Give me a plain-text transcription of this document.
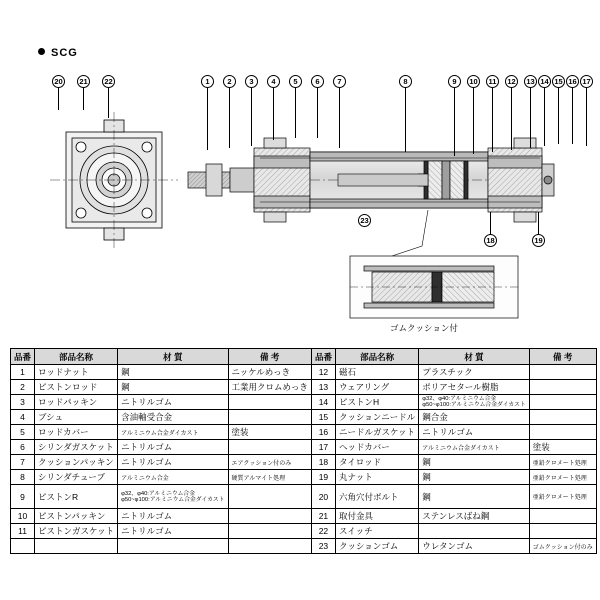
SCG
20	21	22	1	2	3	4	5	6	7	8	9	10	11	12	13 14 15 16 17
18	19
23
ゴムクッション付
品番	部品名称	材 質	備 考	品番	部品名称	材 質	備 考
1	ロッドナット	鋼	ニッケルめっき	12	磁石	プラスチック	
2	ピストンロッド	鋼	工業用クロムめっき	13	ウェアリング	ポリアセタール樹脂	
3	ロッドパッキン	ニトリルゴム		14	ピストンH	φ32、φ40:アルミニウム合金
φ50~φ100:アルミニウム合金ダイカスト	

4	ブシュ	含油軸受合金		15	クッションニードル	鋼合金	
5	ロッドカバー	アルミニウム合金ダイカスト	塗装	16	ニードルガスケット	ニトリルゴム	
6	シリンダガスケット	ニトリルゴム		17	ヘッドカバー	アルミニウム合金ダイカスト	塗装
7	クッションパッキン	ニトリルゴム	エアクッション付のみ	18	タイロッド	鋼	亜鉛クロメート処理
8	シリンダチューブ	アルミニウム合金	硬質アルマイト処理	19	丸ナット	鋼	亜鉛クロメート処理
9	ピストンR	φ32、φ40:アルミニウム合金
φ50~φ100:アルミニウム合金ダイカスト		20	六角穴付ボルト	鋼	亜鉛クロメート処理
10	ピストンパッキン	ニトリルゴム		21	取付金具	ステンレスばね鋼	
11	ピストンガスケット	ニトリルゴム		22	スイッチ		
				23	クッションゴム	ウレタンゴム	ゴムクッション付のみ
